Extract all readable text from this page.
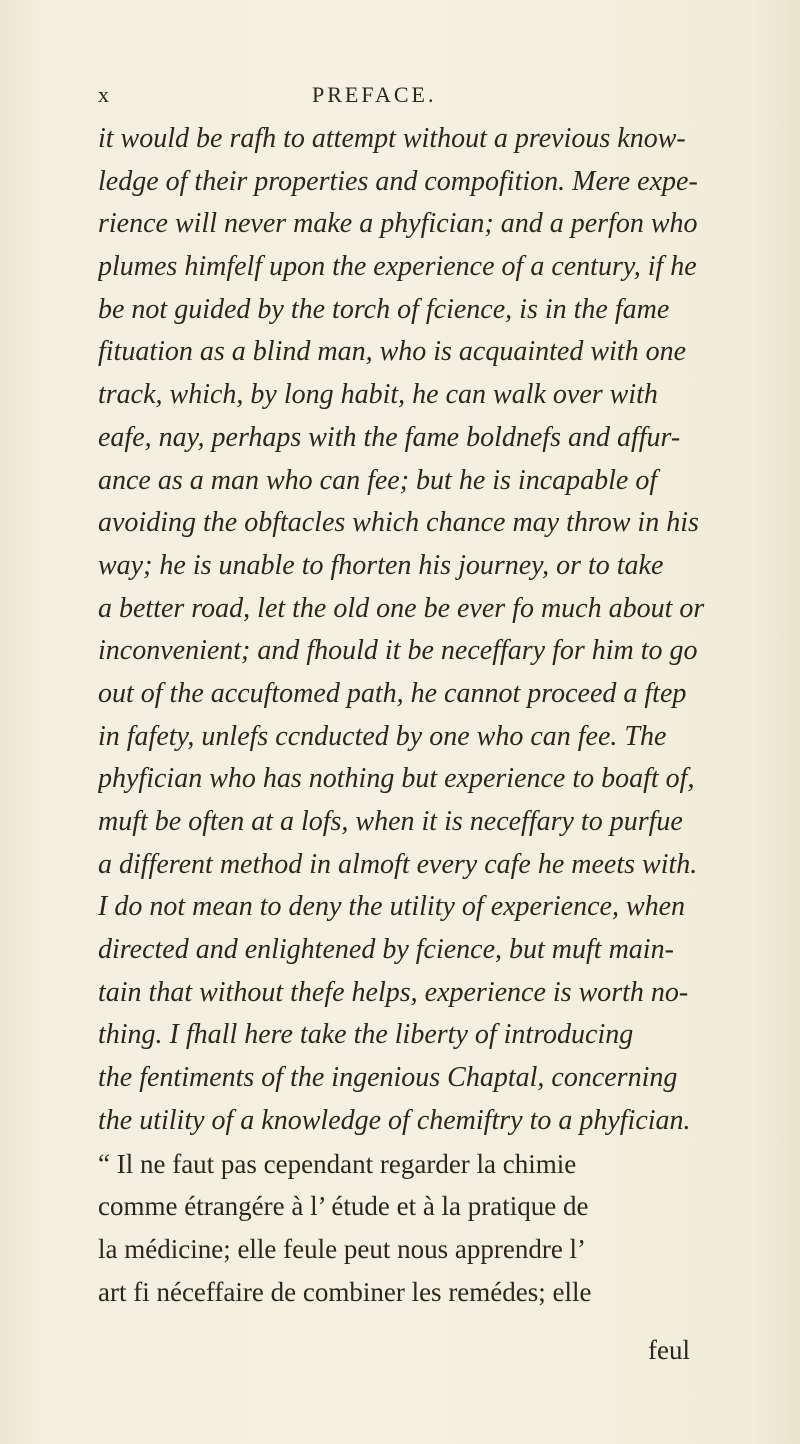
x	PREFACE.
it would be rafh to attempt without a previous know-
ledge of their properties and compofition. Mere expe-
rience will never make a phyfician; and a perfon who
plumes himfelf upon the experience of a century, if he
be not guided by the torch of fcience, is in the fame
fituation as a blind man, who is acquainted with one
track, which, by long habit, he can walk over with
eafe, nay, perhaps with the fame boldnefs and affur-
ance as a man who can fee; but he is incapable of
avoiding the obftacles which chance may throw in his
way; he is unable to fhorten his journey, or to take
a better road, let the old one be ever fo much about or
inconvenient; and fhould it be neceffary for him to go
out of the accuftomed path, he cannot proceed a ftep
in fafety, unlefs ccnducted by one who can fee. The
phyfician who has nothing but experience to boaft of,
muft be often at a lofs, when it is neceffary to purfue
a different method in almoft every cafe he meets with.
I do not mean to deny the utility of experience, when
directed and enlightened by fcience, but muft main-
tain that without thefe helps, experience is worth no-
thing. I fhall here take the liberty of introducing
the fentiments of the ingenious Chaptal, concerning
the utility of a knowledge of chemiftry to a phyfician.
“ Il ne faut pas cependant regarder la chimie
comme étrangére à l’ étude et à la pratique de
la médicine; elle feule peut nous apprendre l’
art fi néceffaire de combiner les remédes; elle
feul
